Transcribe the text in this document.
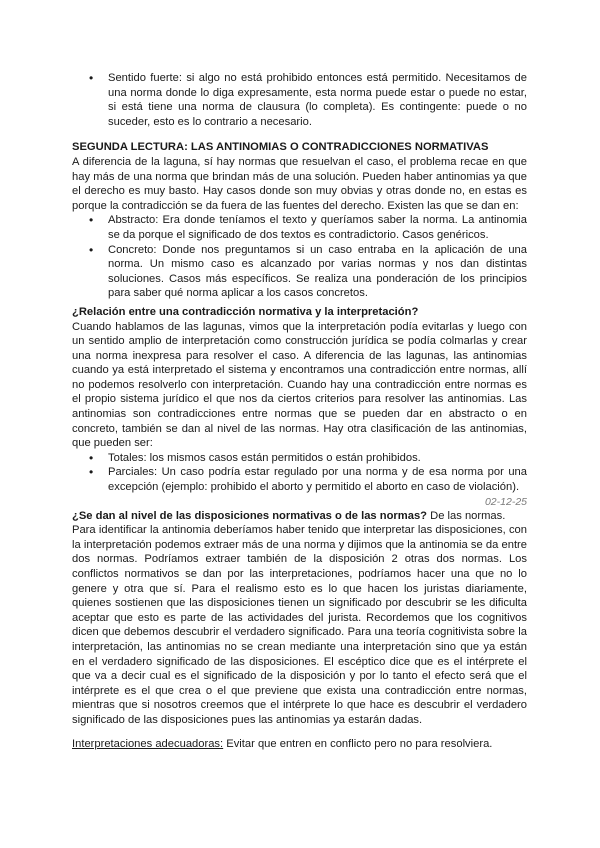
• Sentido fuerte: si algo no está prohibido entonces está permitido. Necesitamos de una norma donde lo diga expresamente, esta norma puede estar o puede no estar, si está tiene una norma de clausura (lo completa). Es contingente: puede o no suceder, esto es lo contrario a necesario.

SEGUNDA LECTURA: LAS ANTINOMIAS O CONTRADICCIONES NORMATIVAS

A diferencia de la laguna, sí hay normas que resuelvan el caso, el problema recae en que hay más de una norma que brindan más de una solución. Pueden haber antinomias ya que el derecho es muy basto. Hay casos donde son muy obvias y otras donde no, en estas es porque la contradicción se da fuera de las fuentes del derecho. Existen las que se dan en:

• Abstracto: Era donde teníamos el texto y queríamos saber la norma. La antinomia se da porque el significado de dos textos es contradictorio. Casos genéricos.
• Concreto: Donde nos preguntamos si un caso entraba en la aplicación de una norma. Un mismo caso es alcanzado por varias normas y nos dan distintas soluciones. Casos más específicos. Se realiza una ponderación de los principios para saber qué norma aplicar a los casos concretos.

¿Relación entre una contradicción normativa y la interpretación?

Cuando hablamos de las lagunas, vimos que la interpretación podía evitarlas y luego con un sentido amplio de interpretación como construcción jurídica se podía colmarlas y crear una norma inexpresa para resolver el caso. A diferencia de las lagunas, las antinomias cuando ya está interpretado el sistema y encontramos una contradicción entre normas, allí no podemos resolverlo con interpretación. Cuando hay una contradicción entre normas es el propio sistema jurídico el que nos da ciertos criterios para resolver las antinomias. Las antinomias son contradicciones entre normas que se pueden dar en abstracto o en concreto, también se dan al nivel de las normas. Hay otra clasificación de las antinomias, que pueden ser:

• Totales: los mismos casos están permitidos o están prohibidos.
• Parciales: Un caso podría estar regulado por una norma y de esa norma por una excepción (ejemplo: prohibido el aborto y permitido el aborto en caso de violación).
02-12-25

¿Se dan al nivel de las disposiciones normativas o de las normas? De las normas.

Para identificar la antinomia deberíamos haber tenido que interpretar las disposiciones, con la interpretación podemos extraer más de una norma y dijimos que la antinomia se da entre dos normas. Podríamos extraer también de la disposición 2 otras dos normas. Los conflictos normativos se dan por las interpretaciones, podríamos hacer una que no lo genere y otra que sí. Para el realismo esto es lo que hacen los juristas diariamente, quienes sostienen que las disposiciones tienen un significado por descubrir se les dificulta aceptar que esto es parte de las actividades del jurista. Recordemos que los cognitivos dicen que debemos descubrir el verdadero significado. Para una teoría cognitivista sobre la interpretación, las antinomias no se crean mediante una interpretación sino que ya están en el verdadero significado de las disposiciones. El escéptico dice que es el intérprete el que va a decir cual es el significado de la disposición y por lo tanto el efecto será que el intérprete es el que crea o el que previene que exista una contradicción entre normas, mientras que si nosotros creemos que el intérprete lo que hace es descubrir el verdadero significado de las disposiciones pues las antinomias ya estarán dadas.

Interpretaciones adecuadoras: Evitar que entren en conflicto pero no para resolviera.
